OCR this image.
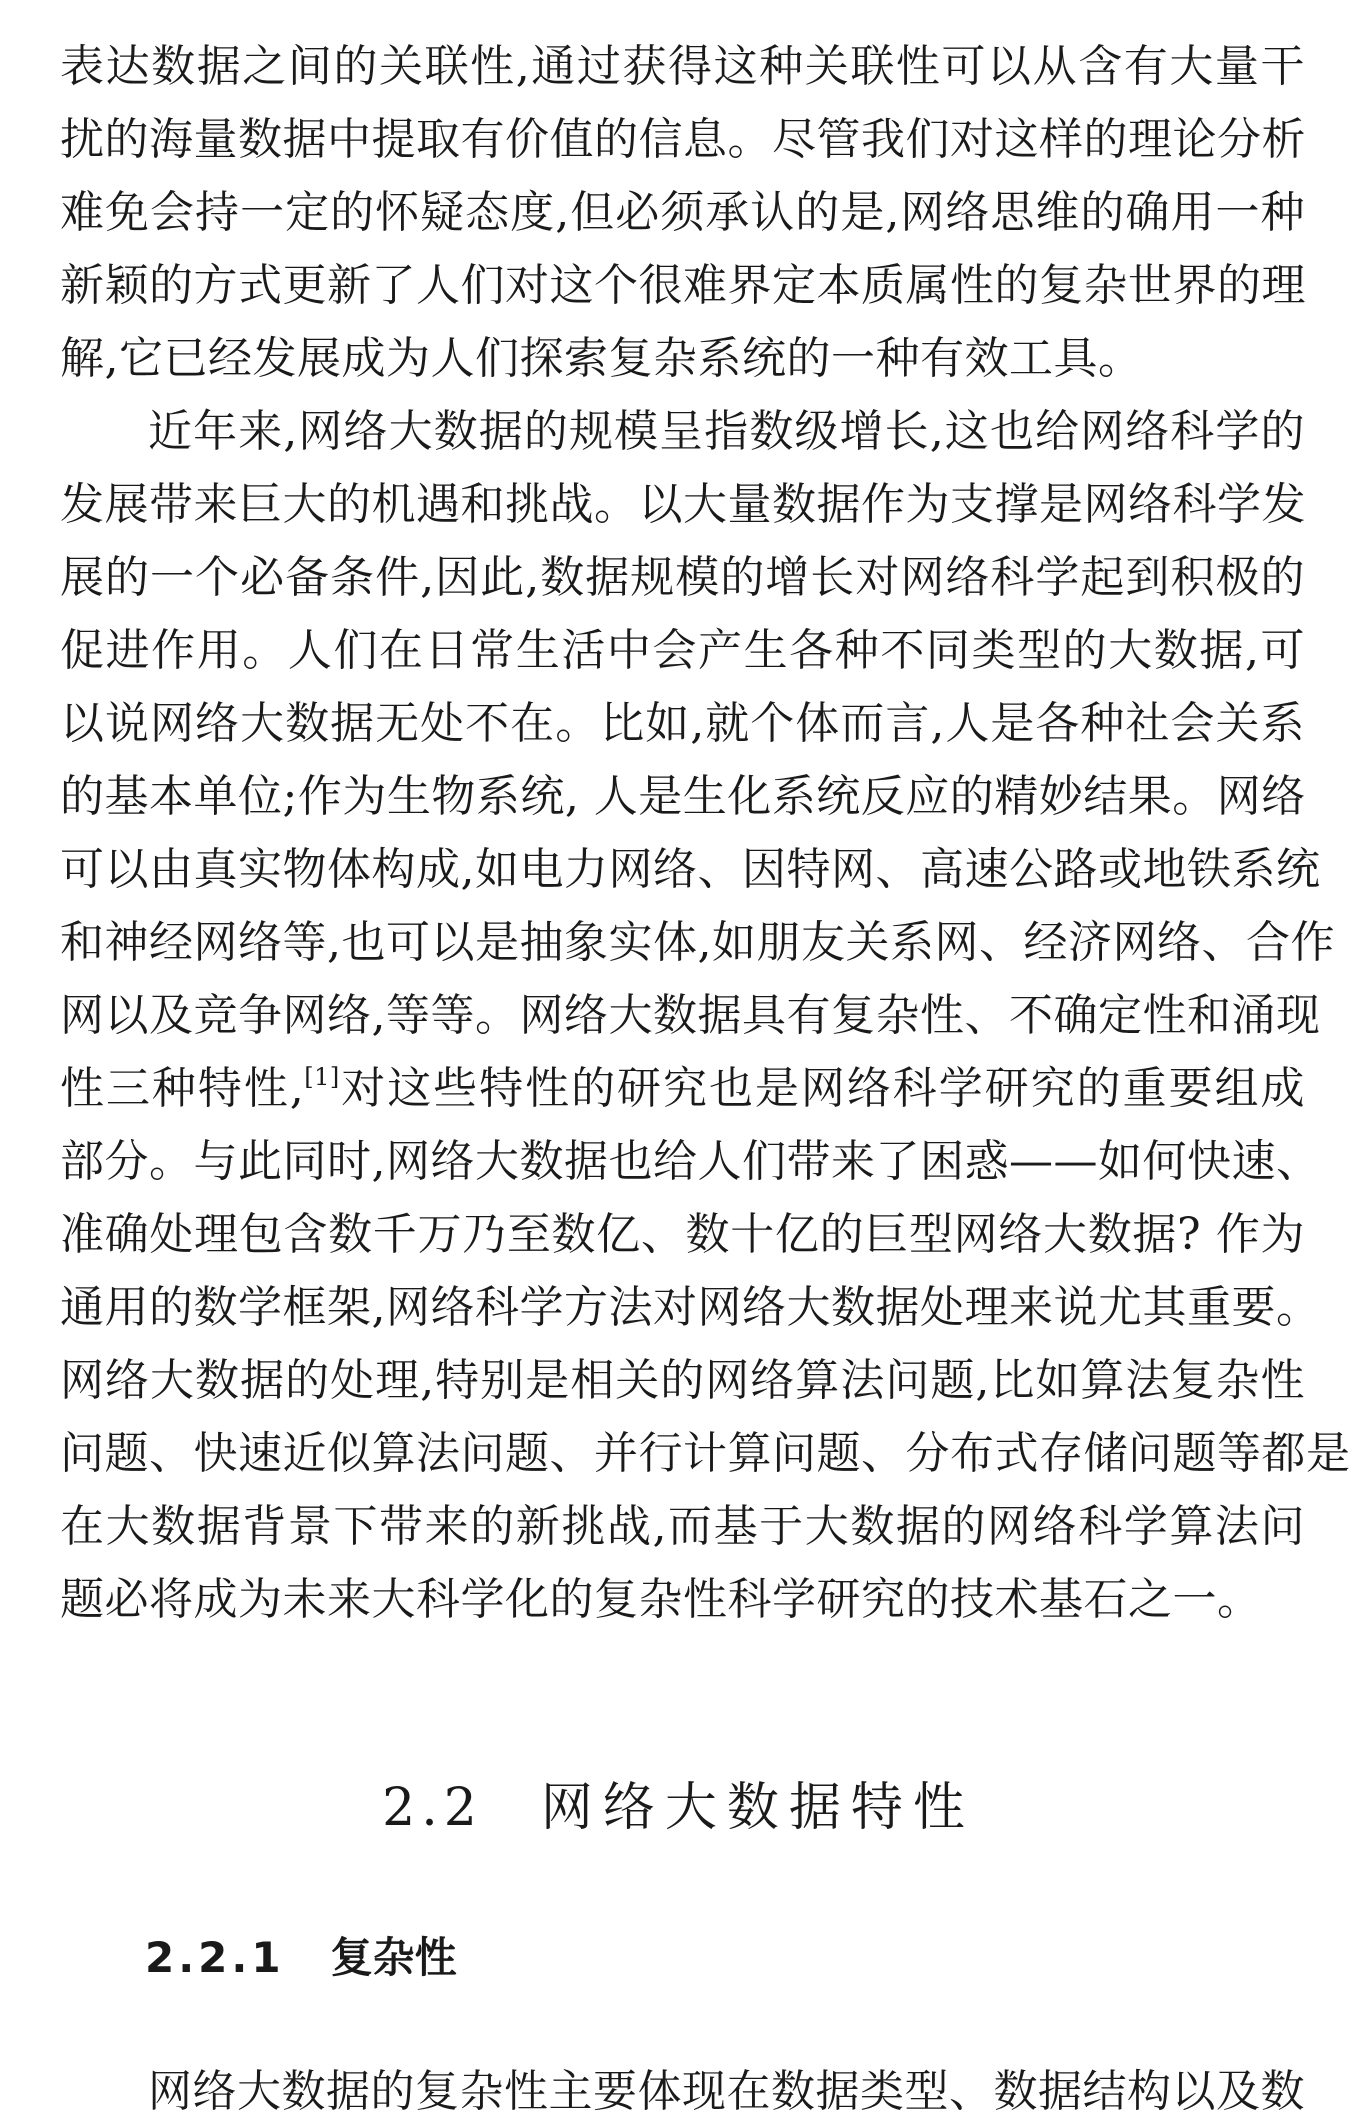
表达数据之间的关联性,通过获得这种关联性可以从含有大量干
扰的海量数据中提取有价值的信息。尽管我们对这样的理论分析
难免会持一定的怀疑态度,但必须承认的是,网络思维的确用一种
新颖的方式更新了人们对这个很难界定本质属性的复杂世界的理
解,它已经发展成为人们探索复杂系统的一种有效工具。
近年来,网络大数据的规模呈指数级增长,这也给网络科学的
发展带来巨大的机遇和挑战。以大量数据作为支撑是网络科学发
展的一个必备条件,因此,数据规模的增长对网络科学起到积极的
促进作用。人们在日常生活中会产生各种不同类型的大数据,可
以说网络大数据无处不在。比如,就个体而言,人是各种社会关系
的基本单位;作为生物系统, 人是生化系统反应的精妙结果。网络
可以由真实物体构成,如电力网络、因特网、高速公路或地铁系统
和神经网络等,也可以是抽象实体,如朋友关系网、经济网络、合作
网以及竞争网络,等等。网络大数据具有复杂性、不确定性和涌现
性三种特性,[1]对这些特性的研究也是网络科学研究的重要组成
部分。与此同时,网络大数据也给人们带来了困惑——如何快速、
准确处理包含数千万乃至数亿、数十亿的巨型网络大数据? 作为
通用的数学框架,网络科学方法对网络大数据处理来说尤其重要。
网络大数据的处理,特别是相关的网络算法问题,比如算法复杂性
问题、快速近似算法问题、并行计算问题、分布式存储问题等都是
在大数据背景下带来的新挑战,而基于大数据的网络科学算法问
题必将成为未来大科学化的复杂性科学研究的技术基石之一。
2.2 网络大数据特性
2.2.1 复杂性
网络大数据的复杂性主要体现在数据类型、数据结构以及数
